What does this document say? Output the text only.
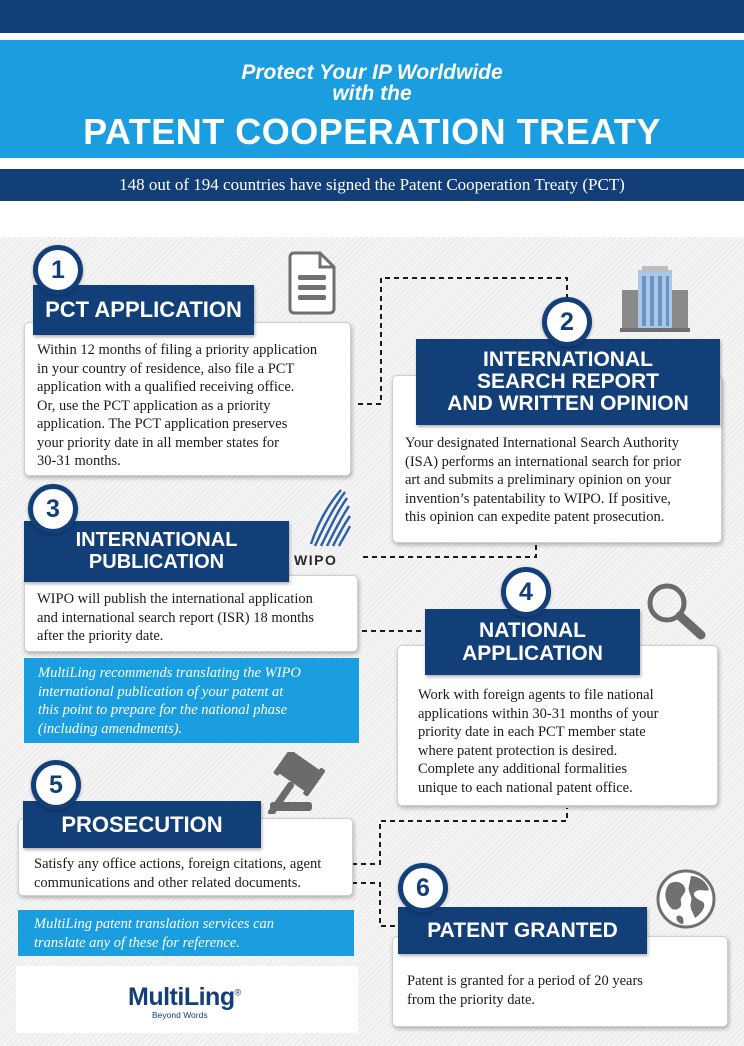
Protect Your IP Worldwide
with the
PATENT COOPERATION TREATY
148 out of 194 countries have signed the Patent Cooperation Treaty (PCT)

Within 12 months of filing a priority application

in your country of residence, also file a PCT

application with a qualified receiving office.

Or, use the PCT application as a priority

application. The PCT application preserves

your priority date in all member states for

30-31 months.

PCT APPLICATION
1

Your designated International Search Authority

(ISA) performs an international search for prior

art and submits a preliminary opinion on your

invention’s patentability to WIPO. If positive,

this opinion can expedite patent prosecution.

INTERNATIONAL
SEARCH REPORT
AND WRITTEN OPINION
2

WIPO will publish the international application

and international search report (ISR) 18 months

after the priority date.

INTERNATIONAL
PUBLICATION
3
WIPO

MultiLing recommends translating the WIPO

international publication of your patent at

this point to prepare for the national phase

(including amendments).

Work with foreign agents to file national

applications within 30-31 months of your

priority date in each PCT member state

where patent protection is desired.

Complete any additional formalities

unique to each national patent office.

NATIONAL
APPLICATION
4

Satisfy any office actions, foreign citations, agent

communications and other related documents.

PROSECUTION
5

MultiLing patent translation services can

translate any of these for reference.

Patent is granted for a period of 20 years

from the priority date.

PATENT GRANTED
6
MultiLing®
Beyond Words
